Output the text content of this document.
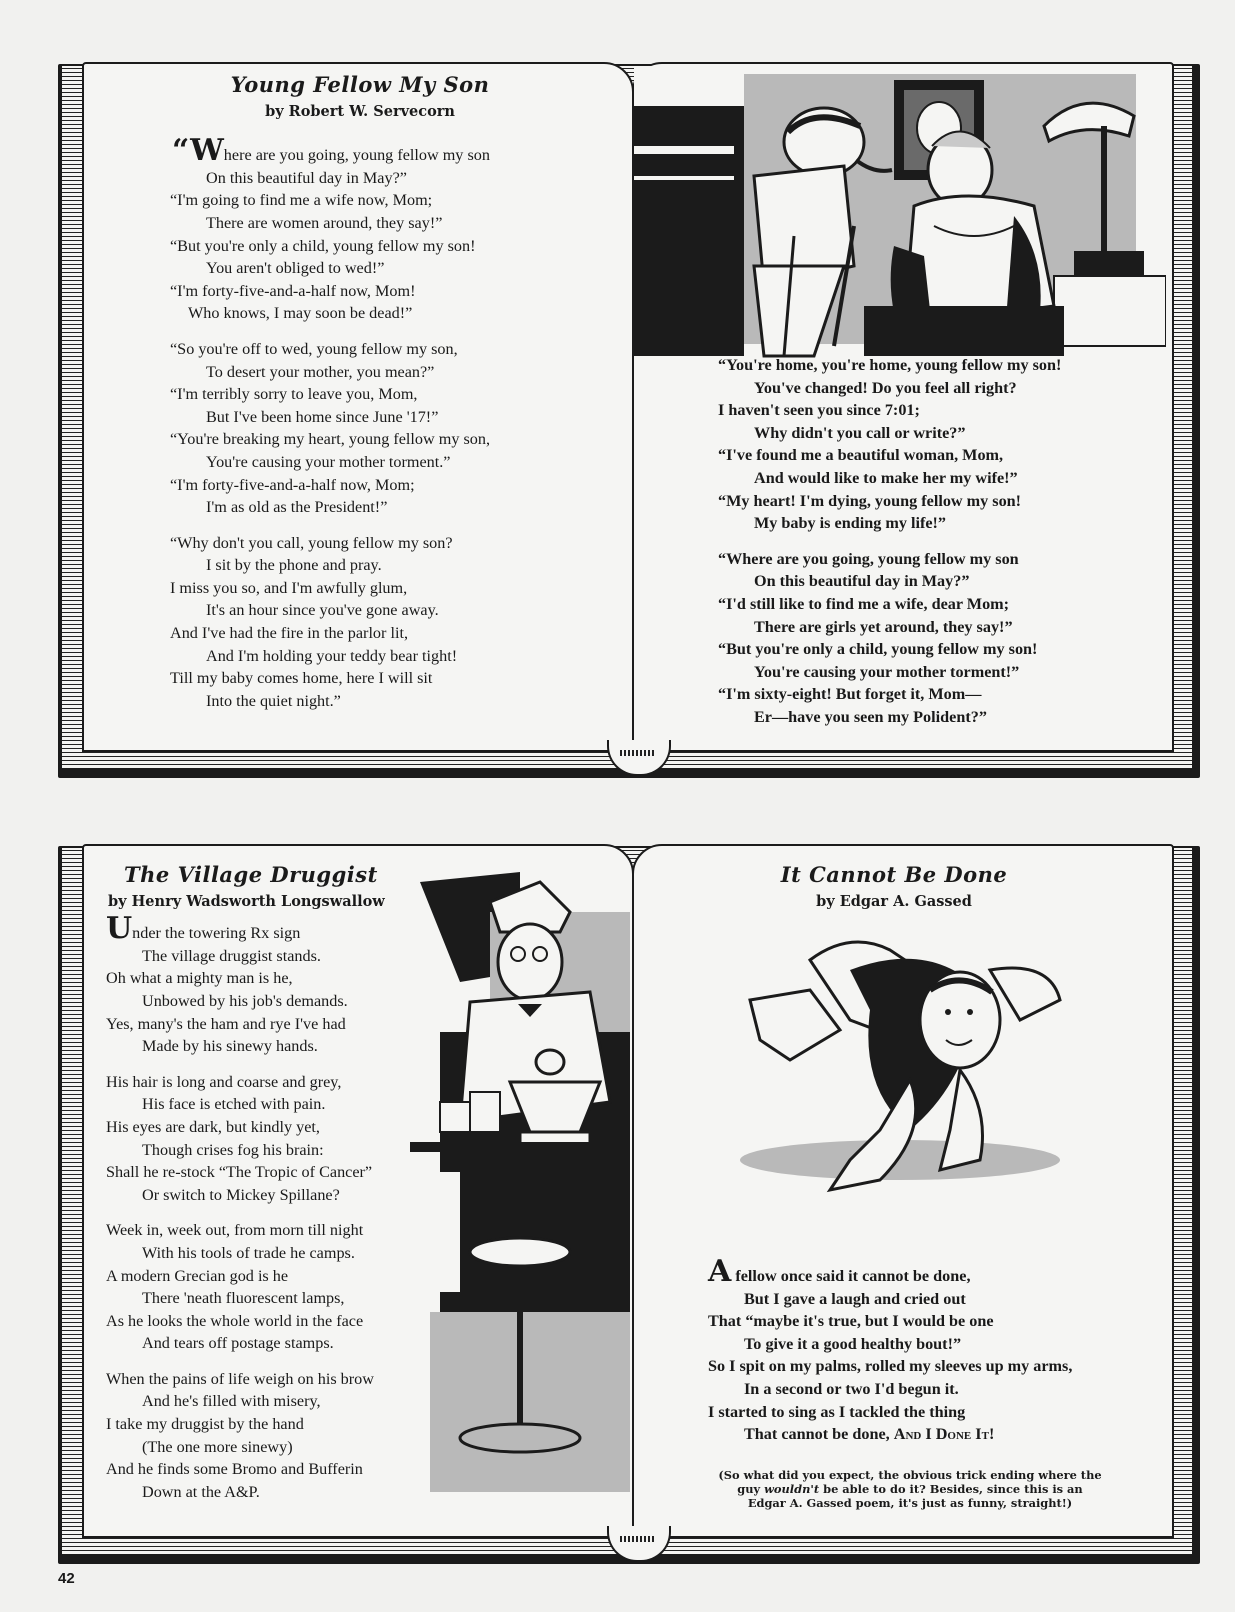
Young Fellow My Son
by Robert W. Servecorn
“Where are you going, young fellow my son
On this beautiful day in May?”
“I'm going to find me a wife now, Mom;
There are women around, they say!”
“But you're only a child, young fellow my son!
You aren't obliged to wed!”
“I'm forty-five-and-a-half now, Mom!
Who knows, I may soon be dead!”
“So you're off to wed, young fellow my son,
To desert your mother, you mean?”
“I'm terribly sorry to leave you, Mom,
But I've been home since June '17!”
“You're breaking my heart, young fellow my son,
You're causing your mother torment.”
“I'm forty-five-and-a-half now, Mom;
I'm as old as the President!”
“Why don't you call, young fellow my son?
I sit by the phone and pray.
I miss you so, and I'm awfully glum,
It's an hour since you've gone away.
And I've had the fire in the parlor lit,
And I'm holding your teddy bear tight!
Till my baby comes home, here I will sit
Into the quiet night.”
“You're home, you're home, young fellow my son!
You've changed! Do you feel all right?
I haven't seen you since 7:01;
Why didn't you call or write?”
“I've found me a beautiful woman, Mom,
And would like to make her my wife!”
“My heart! I'm dying, young fellow my son!
My baby is ending my life!”
“Where are you going, young fellow my son
On this beautiful day in May?”
“I'd still like to find me a wife, dear Mom;
There are girls yet around, they say!”
“But you're only a child, young fellow my son!
You're causing your mother torment!”
“I'm sixty-eight! But forget it, Mom—
Er—have you seen my Polident?”
The Village Druggist
by Henry Wadsworth Longswallow
Under the towering Rx sign
The village druggist stands.
Oh what a mighty man is he,
Unbowed by his job's demands.
Yes, many's the ham and rye I've had
Made by his sinewy hands.
His hair is long and coarse and grey,
His face is etched with pain.
His eyes are dark, but kindly yet,
Though crises fog his brain:
Shall he re-stock “The Tropic of Cancer”
Or switch to Mickey Spillane?
Week in, week out, from morn till night
With his tools of trade he camps.
A modern Grecian god is he
There 'neath fluorescent lamps,
As he looks the whole world in the face
And tears off postage stamps.
When the pains of life weigh on his brow
And he's filled with misery,
I take my druggist by the hand
(The one more sinewy)
And he finds some Bromo and Bufferin
Down at the A&P.
It Cannot Be Done
by Edgar A. Gassed
A fellow once said it cannot be done,
But I gave a laugh and cried out
That “maybe it's true, but I would be one
To give it a good healthy bout!”
So I spit on my palms, rolled my sleeves up my arms,
In a second or two I'd begun it.
I started to sing as I tackled the thing
That cannot be done, And I Done It!
(So what did you expect, the obvious trick ending where the
guy wouldn't be able to do it? Besides, since this is an
Edgar A. Gassed poem, it's just as funny, straight!)
42
